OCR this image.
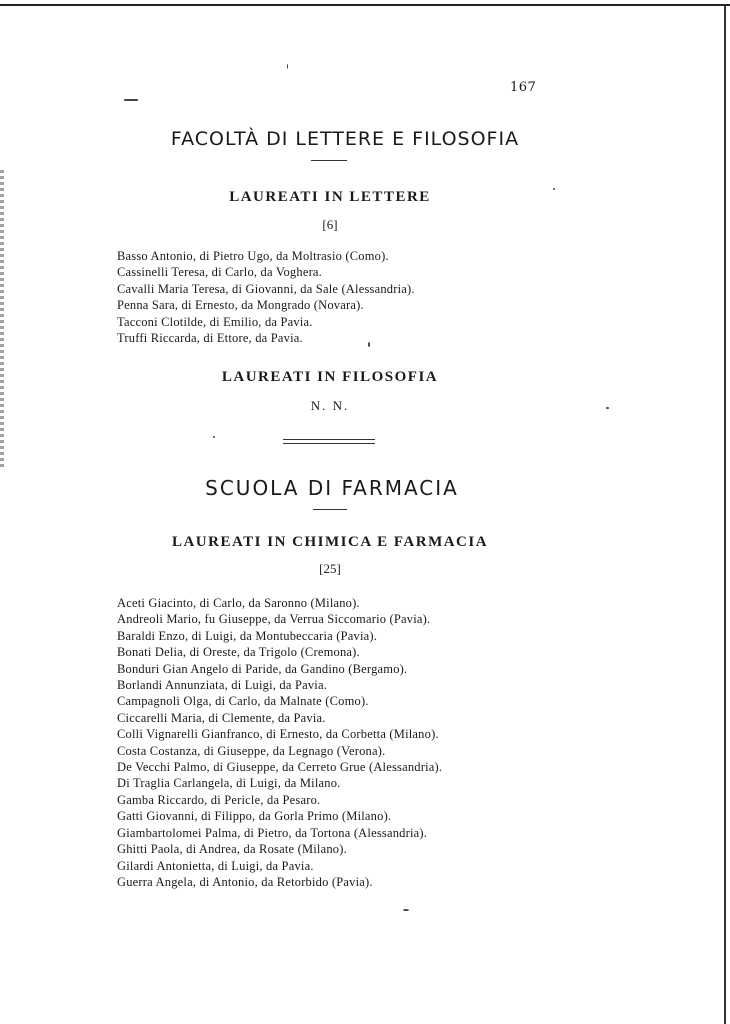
167
FACOLTÀ DI LETTERE E FILOSOFIA
LAUREATI IN LETTERE
[6]
Basso Antonio, di Pietro Ugo, da Moltrasio (Como).
Cassinelli Teresa, di Carlo, da Voghera.
Cavalli Maria Teresa, di Giovanni, da Sale (Alessandria).
Penna Sara, di Ernesto, da Mongrado (Novara).
Tacconi Clotilde, di Emilio, da Pavia.
Truffi Riccarda, di Ettore, da Pavia.
LAUREATI IN FILOSOFIA
N. N.
SCUOLA DI FARMACIA
LAUREATI IN CHIMICA E FARMACIA
[25]
Aceti Giacinto, di Carlo, da Saronno (Milano).
Andreoli Mario, fu Giuseppe, da Verrua Siccomario (Pavia).
Baraldi Enzo, di Luigi, da Montubeccaria (Pavia).
Bonati Delia, di Oreste, da Trigolo (Cremona).
Bonduri Gian Angelo di Paride, da Gandino (Bergamo).
Borlandi Annunziata, di Luigi, da Pavia.
Campagnoli Olga, di Carlo, da Malnate (Como).
Ciccarelli Maria, di Clemente, da Pavia.
Colli Vignarelli Gianfranco, di Ernesto, da Corbetta (Milano).
Costa Costanza, di Giuseppe, da Legnago (Verona).
De Vecchi Palmo, di Giuseppe, da Cerreto Grue (Alessandria).
Di Traglia Carlangela, di Luigi, da Milano.
Gamba Riccardo, di Pericle, da Pesaro.
Gatti Giovanni, di Filippo, da Gorla Primo (Milano).
Giambartolomei Palma, di Pietro, da Tortona (Alessandria).
Ghitti Paola, di Andrea, da Rosate (Milano).
Gilardi Antonietta, di Luigi, da Pavia.
Guerra Angela, di Antonio, da Retorbido (Pavia).
